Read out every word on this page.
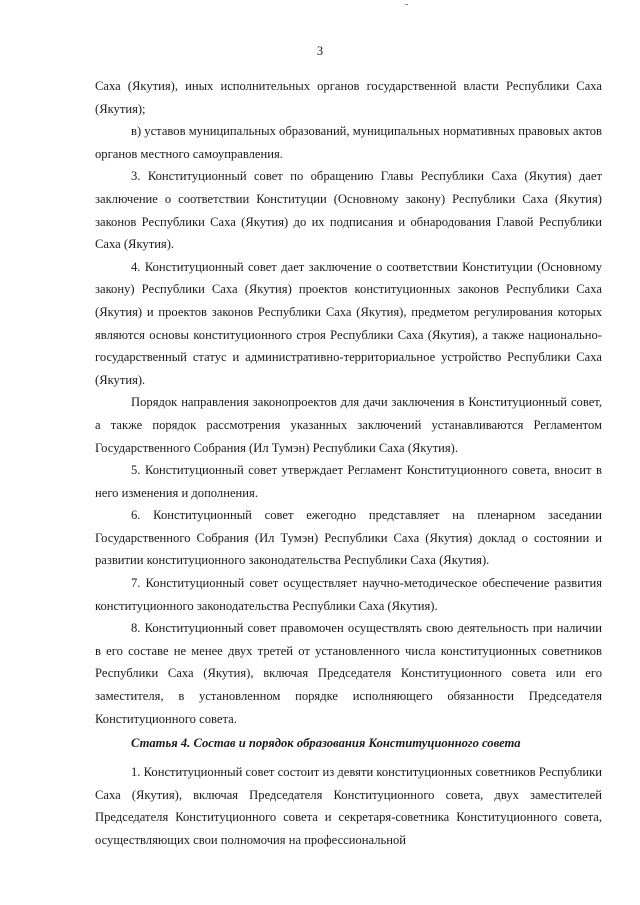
3

Саха (Якутия), иных исполнительных органов государственной власти Республики Саха (Якутия);

в) уставов муниципальных образований, муниципальных нормативных правовых актов органов местного самоуправления.

3. Конституционный совет по обращению Главы Республики Саха (Якутия) дает заключение о соответствии Конституции (Основному закону) Республики Саха (Якутия) законов Республики Саха (Якутия) до их подписания и обнародования Главой Республики Саха (Якутия).

4. Конституционный совет дает заключение о соответствии Конституции (Основному закону) Республики Саха (Якутия) проектов конституционных законов Республики Саха (Якутия) и проектов законов Республики Саха (Якутия), предметом регулирования которых являются основы конституционного строя Республики Саха (Якутия), а также национально-государственный статус и административно-территориальное устройство Республики Саха (Якутия).

Порядок направления законопроектов для дачи заключения в Конституционный совет, а также порядок рассмотрения указанных заключений устанавливаются Регламентом Государственного Собрания (Ил Тумэн) Республики Саха (Якутия).

5. Конституционный совет утверждает Регламент Конституционного совета, вносит в него изменения и дополнения.

6. Конституционный совет ежегодно представляет на пленарном заседании Государственного Собрания (Ил Тумэн) Республики Саха (Якутия) доклад о состоянии и развитии конституционного законодательства Республики Саха (Якутия).

7. Конституционный совет осуществляет научно-методическое обеспечение развития конституционного законодательства Республики Саха (Якутия).

8. Конституционный совет правомочен осуществлять свою деятельность при наличии в его составе не менее двух третей от установленного числа конституционных советников Республики Саха (Якутия), включая Председателя Конституционного совета или его заместителя, в установленном порядке исполняющего обязанности Председателя Конституционного совета.

Статья 4. Состав и порядок образования Конституционного совета

1. Конституционный совет состоит из девяти конституционных советников Республики Саха (Якутия), включая Председателя Конституционного совета, двух заместителей Председателя Конституционного совета и секретаря-советника Конституционного совета, осуществляющих свои полномочия на профессиональной
